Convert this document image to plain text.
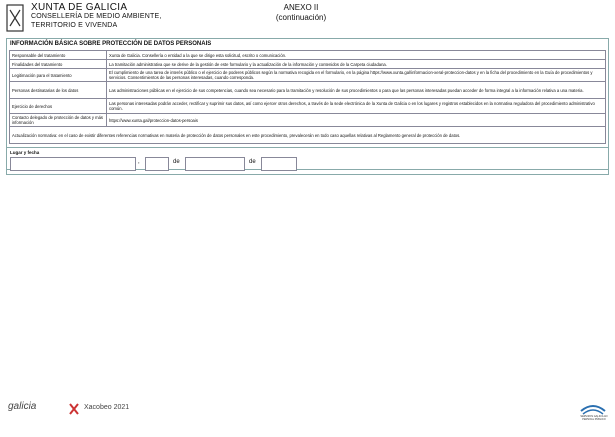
XUNTA DE GALICIA
CONSELLERÍA DE MEDIO AMBIENTE,
TERRITORIO E VIVENDA
ANEXO II
(continuación)
INFORMACIÓN BÁSICA SOBRE PROTECCIÓN DE DATOS PERSONAIS
Responsable del tratamiento	Xunta de Galicia. Consellería o entidad a la que se dirige esta solicitud, escrito o comunicación.
Finalidades del tratamiento	La tramitación administrativa que se derive de la gestión de este formulario y la actualización de la información y contenidos de la Carpeta ciudadana.
Legitimación para el tratamiento	El cumplimiento de una tarea de interés público o el ejercicio de poderes públicos según la normativa recogida en el formulario, en la página https://www.xunta.gal/informacion-xeral-proteccion-datos y en la ficha del procedimiento en la Guía de procedimientos y servicios. Consentimientos de las personas interesadas, cuando corresponda.
Personas destinatarias de los datos	Las administraciones públicas en el ejercicio de sus competencias, cuando sea necesario para la tramitación y resolución de sus procedimientos o para que las personas interesadas puedan acceder de forma integral a la información relativa a una materia.
Ejercicio de derechos	Las personas interesadas podrán acceder, rectificar y suprimir sus datos, así como ejercer otros derechos, a través de la sede electrónica de la Xunta de Galicia o en los lugares y registros establecidos en la normativa reguladora del procedimiento administrativo común.
Contacto delegado de protección de datos y más información	https://www.xunta.gal/proteccion-datos-persoais
Actualización normativa: en el caso de existir diferentes referencias normativas en materia de protección de datos personales en este procedimiento, prevalecerán en todo caso aquellas relativas al Reglamento general de protección de datos.	
Lugar y fecha
,	de	de
galicia	Xacobeo 2021
SERVIZOS GALICIA AO PERSOAL PÚBLICO
